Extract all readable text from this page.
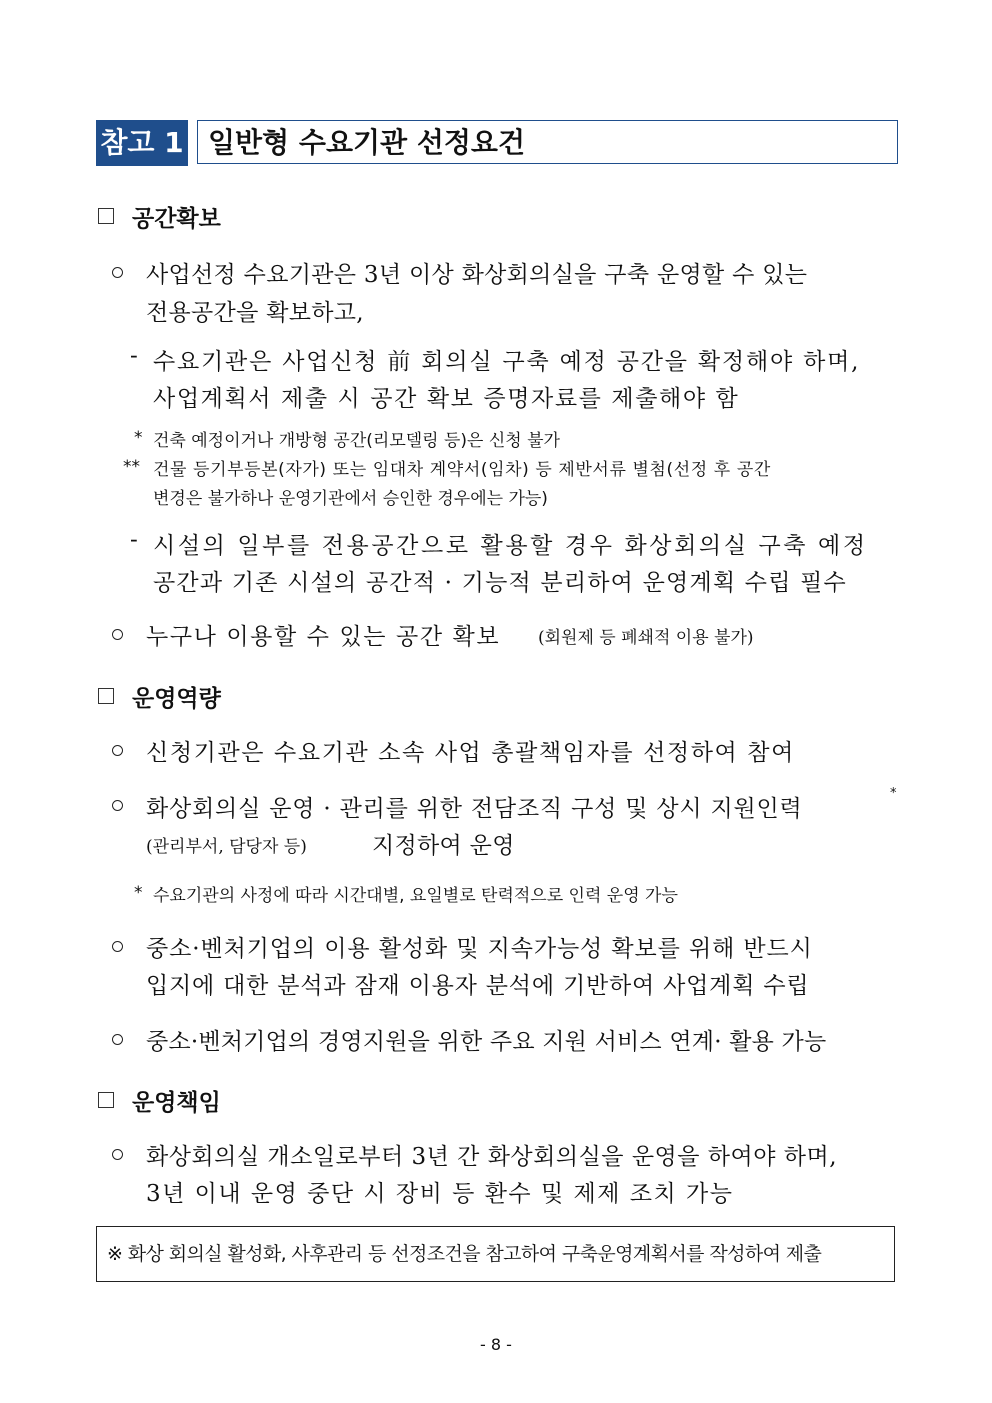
참고 1 일반형 수요기관 선정요건
공간확보
사업선정 수요기관은 3년 이상 화상회의실을 구축 운영할 수 있는
전용공간을 확보하고,
- 수요기관은 사업신청 前 회의실 구축 예정 공간을 확정해야 하며,
사업계획서 제출 시 공간 확보 증명자료를 제출해야 함
* 건축 예정이거나 개방형 공간(리모델링 등)은 신청 불가
** 건물 등기부등본(자가) 또는 임대차 계약서(임차) 등 제반서류 별첨(선정 후 공간
변경은 불가하나 운영기관에서 승인한 경우에는 가능)
- 시설의 일부를 전용공간으로 활용할 경우 화상회의실 구축 예정
공간과 기존 시설의 공간적 · 기능적 분리하여 운영계획 수립 필수
누구나 이용할 수 있는 공간 확보 (회원제 등 폐쇄적 이용 불가)
운영역량
신청기관은 수요기관 소속 사업 총괄책임자를 선정하여 참여
화상회의실 운영 · 관리를 위한 전담조직 구성 및 상시 지원인력
*
(관리부서, 담당자 등)	지정하여 운영
* 수요기관의 사정에 따라 시간대별, 요일별로 탄력적으로 인력 운영 가능
중소·벤처기업의 이용 활성화 및 지속가능성 확보를 위해 반드시
입지에 대한 분석과 잠재 이용자 분석에 기반하여 사업계획 수립
중소·벤처기업의 경영지원을 위한 주요 지원 서비스 연계· 활용 가능
운영책임
화상회의실 개소일로부터 3년 간 화상회의실을 운영을 하여야 하며,
3년 이내 운영 중단 시 장비 등 환수 및 제제 조치 가능
※ 화상 회의실 활성화, 사후관리 등 선정조건을 참고하여 구축운영계획서를 작성하여 제출
- 8 -
